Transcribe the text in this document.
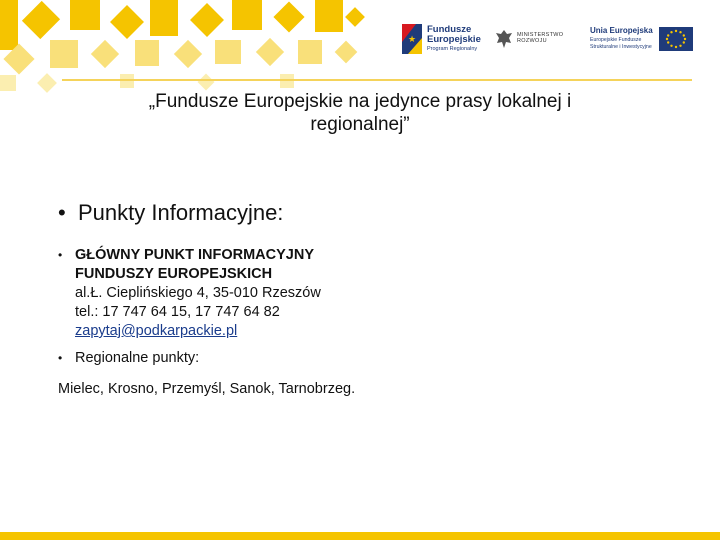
★
Fundusze
Europejskie
Program Regionalny
MINISTERSTWO
ROZWOJU
Unia Europejska
Europejskie Fundusze
Strukturalne i Inwestycyjne
„Fundusze Europejskie na jedynce prasy lokalnej i
regionalnej”
• Punkty Informacyjne:
• GŁÓWNY PUNKT INFORMACYJNY
FUNDUSZY EUROPEJSKICH
al.Ł. Cieplińskiego 4, 35-010 Rzeszów
tel.: 17 747 64 15, 17 747 64 82
zapytaj@podkarpackie.pl
• Regionalne punkty:
Mielec, Krosno, Przemyśl, Sanok, Tarnobrzeg.
